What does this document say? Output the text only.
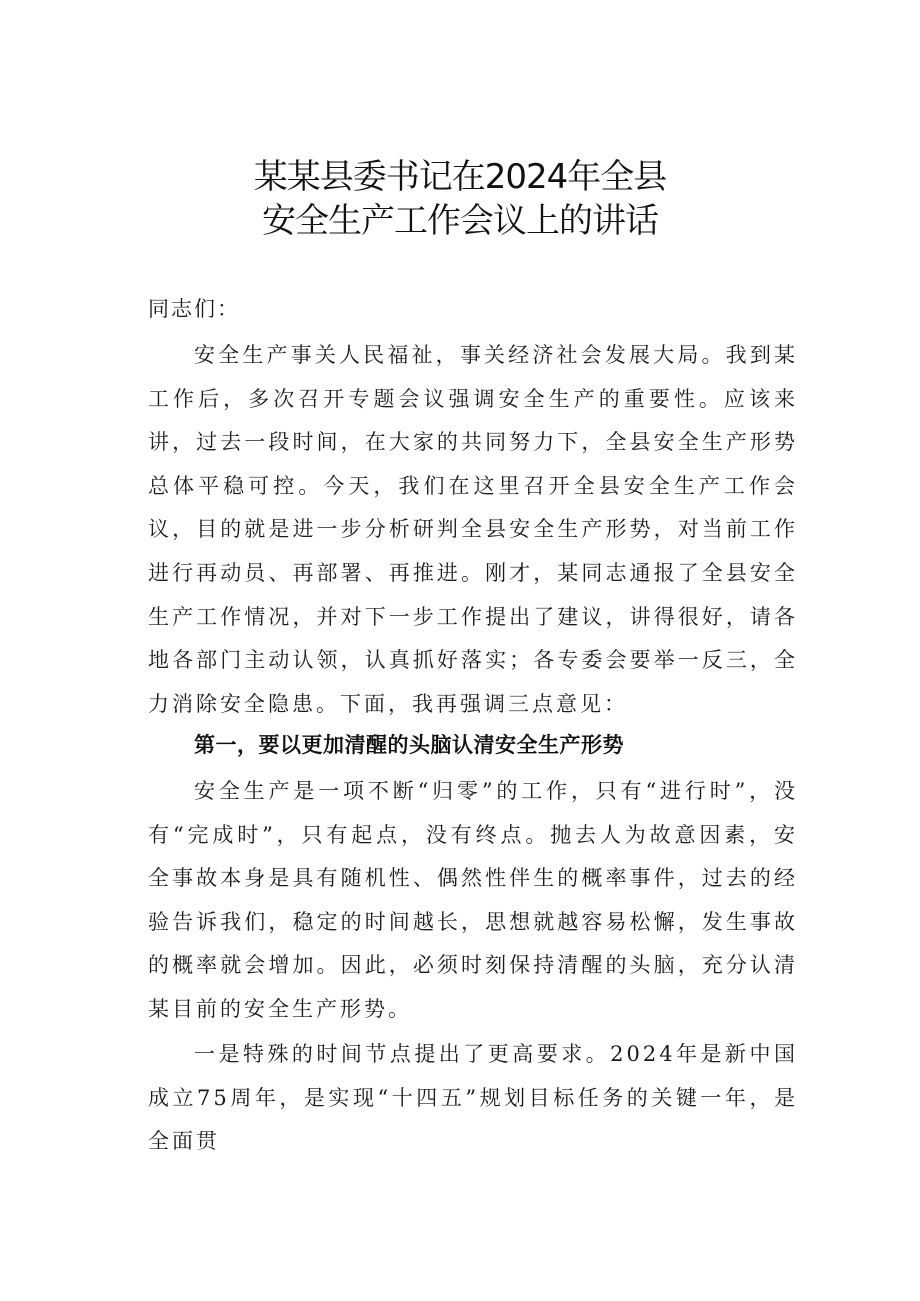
某某县委书记在2024年全县
安全生产工作会议上的讲话
同志们：

安全生产事关人民福祉，事关经济社会发展大局。我到某工作后，多次召开专题会议强调安全生产的重要性。应该来讲，过去一段时间，在大家的共同努力下，全县安全生产形势总体平稳可控。今天，我们在这里召开全县安全生产工作会议，目的就是进一步分析研判全县安全生产形势，对当前工作进行再动员、再部署、再推进。刚才，某同志通报了全县安全生产工作情况，并对下一步工作提出了建议，讲得很好，请各地各部门主动认领，认真抓好落实；各专委会要举一反三，全力消除安全隐患。下面，我再强调三点意见：

第一，要以更加清醒的头脑认清安全生产形势

安全生产是一项不断“归零”的工作，只有“进行时”，没有“完成时”，只有起点，没有终点。抛去人为故意因素，安全事故本身是具有随机性、偶然性伴生的概率事件，过去的经验告诉我们，稳定的时间越长，思想就越容易松懈，发生事故的概率就会增加。因此，必须时刻保持清醒的头脑，充分认清某目前的安全生产形势。

一是特殊的时间节点提出了更高要求。2024年是新中国成立75周年，是实现“十四五”规划目标任务的关键一年，是全面贯
